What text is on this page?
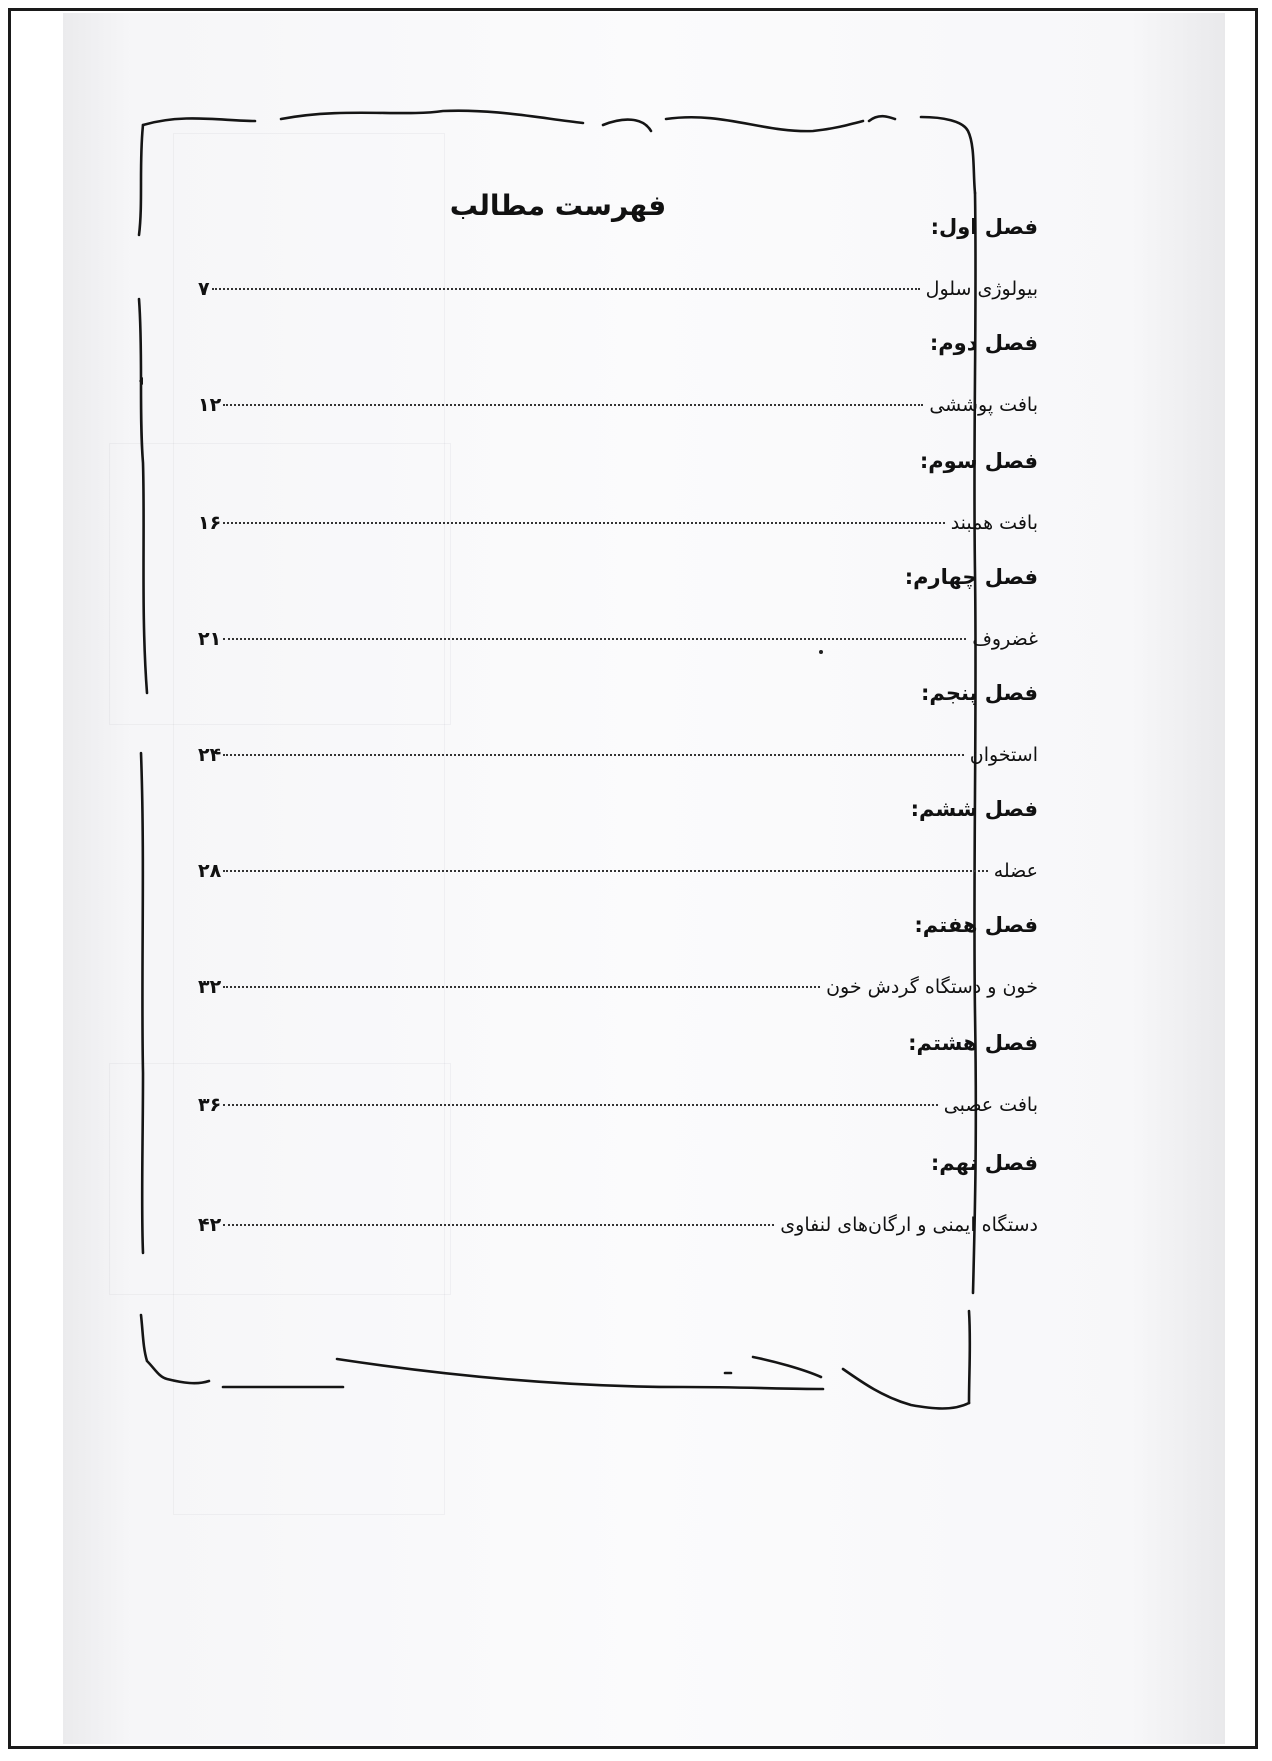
فهرست مطالب
فصل اول:
بیولوژی سلول
۷
فصل دوم:
بافت پوششی
۱۲
فصل سوم:
بافت همبند
۱۶
فصل چهارم:
غضروف
۲۱
فصل پنجم:
استخوان
۲۴
فصل ششم:
عضله
۲۸
فصل هفتم:
خون و دستگاه گردش خون
۳۲
فصل هشتم:
بافت عصبی
۳۶
فصل نهم:
دستگاه ایمنی و ارگان‌های لنفاوی
۴۲
